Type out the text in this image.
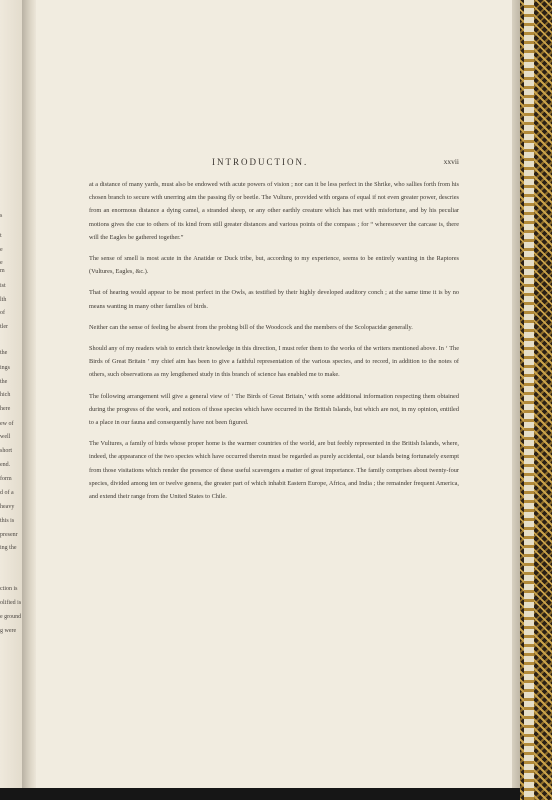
s
t
e
e
m
ist
lth
of
tler
the
ings
the
hich
here
ew of
well
short
end.
form
d of a
heavy
this is
presenr
ing the
ction is
olified is
e ground
g were
INTRODUCTION.	xxvii

at a distance of many yards, must also be endowed with acute powers of vision ; nor can it be less perfect in the Shrike, who sallies forth from his chosen branch to secure with unerring aim the passing fly or beetle. The Vulture, provided with organs of equal if not even greater power, descries from an enormous distance a dying camel, a stranded sheep, or any other earthly creature which has met with misfortune, and by his peculiar motions gives the cue to others of its kind from still greater distances and various points of the compass ; for “ wheresoever the carcase is, there will the Eagles be gathered together.”

The sense of smell is most acute in the Anatidæ or Duck tribe, but, according to my experience, seems to be entirely wanting in the Raptores (Vultures, Eagles, &c.).

That of hearing would appear to be most perfect in the Owls, as testified by their highly developed auditory conch ; at the same time it is by no means wanting in many other families of birds.

Neither can the sense of feeling be absent from the probing bill of the Woodcock and the members of the Scolopacidæ generally.

Should any of my readers wish to enrich their knowledge in this direction, I must refer them to the works of the writers mentioned above. In ‘ The Birds of Great Britain ’ my chief aim has been to give a faithful representation of the various species, and to record, in addition to the notes of others, such observations as my lengthened study in this branch of science has enabled me to make.

The following arrangement will give a general view of ‘ The Birds of Great Britain,’ with some additional information respecting them obtained during the progress of the work, and notices of those species which have occurred in the British Islands, but which are not, in my opinion, entitled to a place in our fauna and consequently have not been figured.

The Vultures, a family of birds whose proper home is the warmer countries of the world, are but feebly represented in the British Islands, where, indeed, the appearance of the two species which have occurred therein must be regarded as purely accidental, our islands being fortunately exempt from those visitations which render the presence of these useful scavengers a matter of great importance. The family comprises about twenty-four species, divided among ten or twelve genera, the greater part of which inhabit Eastern Europe, Africa, and India ; the remainder frequent America, and extend their range from the United States to Chile.
